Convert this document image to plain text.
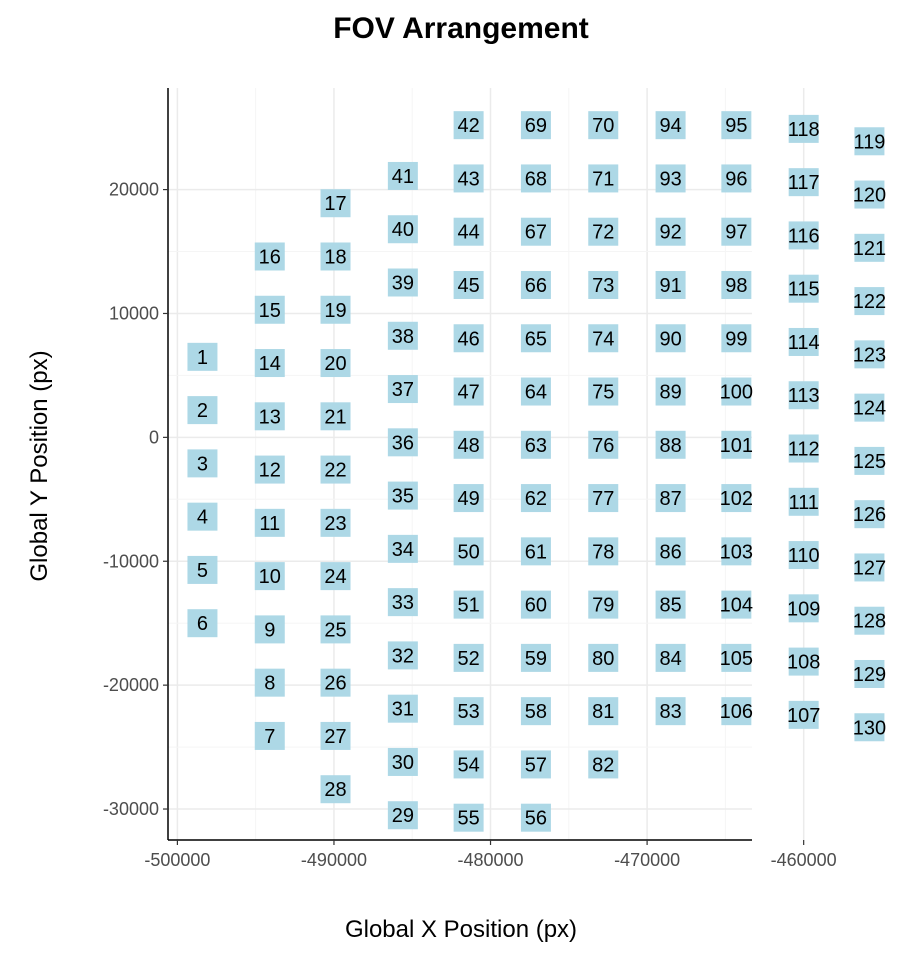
FOV Arrangement
-500000	-490000	-480000	-470000	-460000
-30000
-20000
-10000
0
10000
20000
1
2
3
4
5
6
7
8
9
10
11
12
13
14
15
16
17
18
19
20
21
22
23
24
25
26
27
28
29
30
31
32
33
34
35
36
37
38
39
40
41
42
43
44
45
46
47
48
49
50
51
52
53
54
55 56
57
58
59
60
61
62
63
64
65
66
67
68
69 70
71
72
73
74
75
76
77
78
79
80
81
82
83
84
85
86
87
88
89
90
91
92
93
94 95
96
97
98
99
100
101
102
103
104
105
106 107
108
109
110
111
112
113
114
115
116
117
118
119
120
121
122
123
124
125
126
127
128
129
130
Global X Position (px)
Global Y Position (px)
